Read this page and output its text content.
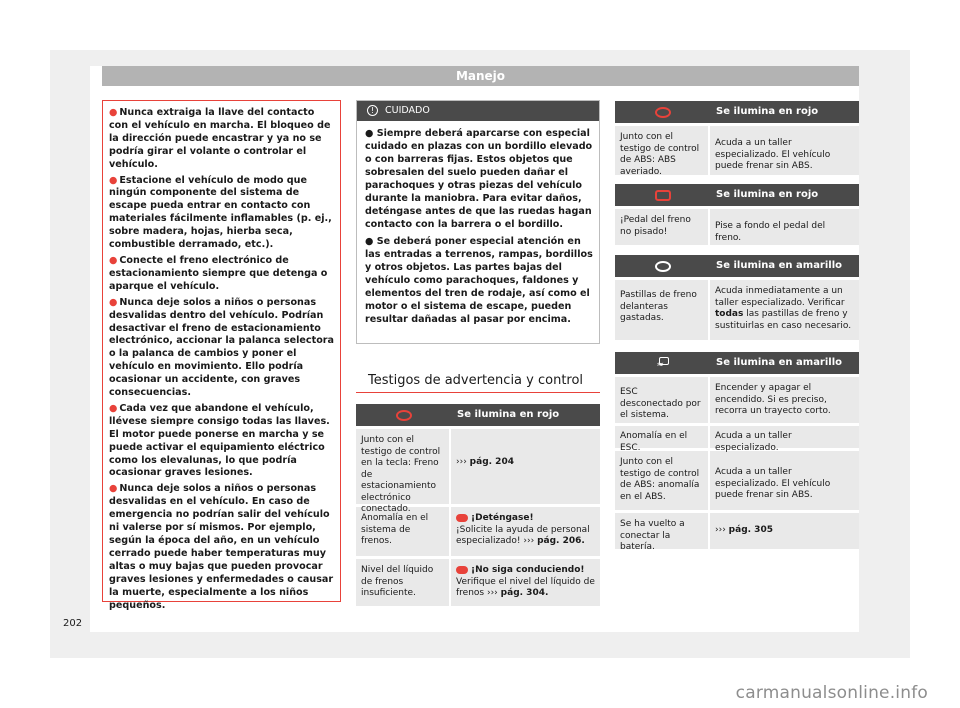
Manejo

● Nunca extraiga la llave del contacto con el vehículo en marcha. El bloqueo de la dirección puede encastrar y ya no se podría girar el volante o controlar el vehículo.

● Estacione el vehículo de modo que ningún componente del sistema de escape pueda entrar en contacto con materiales fácilmente inflamables (p. ej., sobre madera, hojas, hierba seca, combustible derramado, etc.).

● Conecte el freno electrónico de estacionamiento siempre que detenga o aparque el vehículo.

● Nunca deje solos a niños o personas desvalidas dentro del vehículo. Podrían desactivar el freno de estacionamiento electrónico, accionar la palanca selectora o la palanca de cambios y poner el vehículo en movimiento. Ello podría ocasionar un accidente, con graves consecuencias.

● Cada vez que abandone el vehículo, llévese siempre consigo todas las llaves. El motor puede ponerse en marcha y se puede activar el equipamiento eléctrico como los elevalunas, lo que podría ocasionar graves lesiones.

● Nunca deje solos a niños o personas desvalidas en el vehículo. En caso de emergencia no podrían salir del vehículo ni valerse por sí mismos. Por ejemplo, según la época del año, en un vehículo cerrado puede haber temperaturas muy altas o muy bajas que pueden provocar graves lesiones y enfermedades o causar la muerte, especialmente a los niños pequeños.

! CUIDADO

● Siempre deberá aparcarse con especial cuidado en plazas con un bordillo elevado o con barreras fijas. Estos objetos que sobresalen del suelo pueden dañar el parachoques y otras piezas del vehículo durante la maniobra. Para evitar daños, deténgase antes de que las ruedas hagan contacto con la barrera o el bordillo.

● Se deberá poner especial atención en las entradas a terrenos, rampas, bordillos y otros objetos. Las partes bajas del vehículo como parachoques, faldones y elementos del tren de rodaje, así como el motor o el sistema de escape, pueden resultar dañadas al pasar por encima.

Testigos de advertencia y control
Se ilumina en rojo
Junto con el testigo de control en la tecla: Freno de estacionamiento electrónico conectado.
››› pág. 204
Anomalía en el sistema de frenos.
¡Deténgase!
¡Solicite la ayuda de personal especializado! ››› pág. 206.
Nivel del líquido de frenos insuficiente.
¡No siga conduciendo!
Verifique el nivel del líquido de frenos ››› pág. 304.
Se ilumina en rojo
Junto con el testigo de control de ABS: ABS averiado.
Acuda a un taller especializado. El vehículo puede frenar sin ABS.
Se ilumina en rojo
¡Pedal del freno no pisado!
Pise a fondo el pedal del freno.
Se ilumina en amarillo
Pastillas de freno delanteras gastadas.
Acuda inmediatamente a un taller especializado. Verificar todas las pastillas de freno y sustituirlas en caso necesario.
≈
Se ilumina en amarillo
ESC desconectado por el sistema.
Encender y apagar el encendido. Si es preciso, recorra un trayecto corto.
Anomalía en el ESC.
Acuda a un taller especializado.
Junto con el testigo de control de ABS: anomalía en el ABS.
Acuda a un taller especializado. El vehículo puede frenar sin ABS.
Se ha vuelto a conectar la batería.
››› pág. 305
202
carmanualsonline.info
